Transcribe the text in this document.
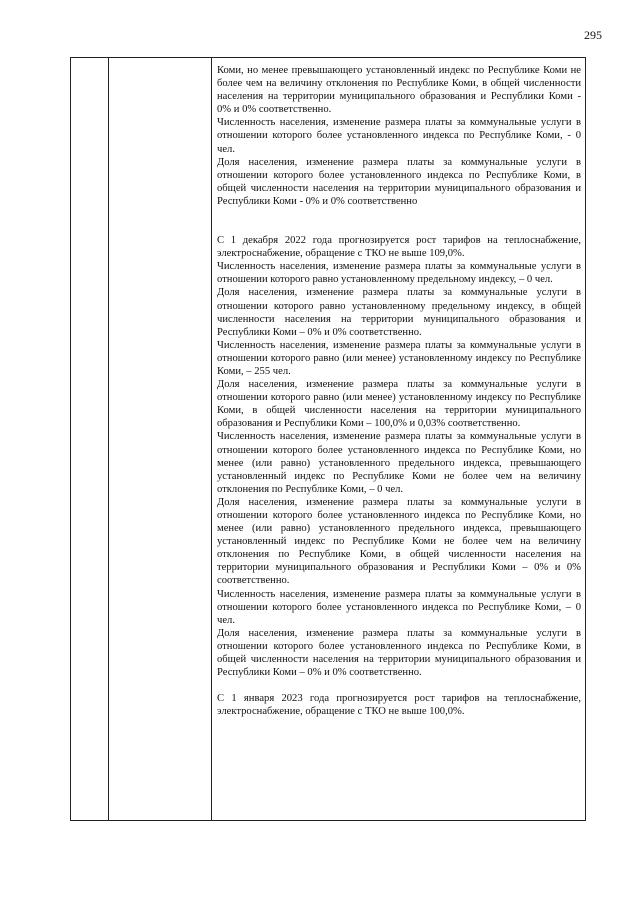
295

Коми, но менее превышающего установленный индекс по Республике Коми не более чем на величину отклонения по Республике Коми, в общей численности населения на территории муниципального образования и Республики Коми - 0% и 0% соответственно.

Численность населения, изменение размера платы за коммунальные услуги в отношении которого более установленного индекса по Республике Коми, - 0 чел.

Доля населения, изменение размера платы за коммунальные услуги в отношении которого более установленного индекса по Республике Коми, в общей численности населения на территории муниципального образования и Республики Коми - 0% и 0% соответственно

С 1 декабря 2022 года прогнозируется рост тарифов на теплоснабжение, электроснабжение, обращение с ТКО не выше 109,0%.

Численность населения, изменение размера платы за коммунальные услуги в отношении которого равно установленному предельному индексу, – 0 чел.

Доля населения, изменение размера платы за коммунальные услуги в отношении которого равно установленному предельному индексу, в общей численности населения на территории муниципального образования и Республики Коми – 0% и 0% соответственно.

Численность населения, изменение размера платы за коммунальные услуги в отношении которого равно (или менее) установленному индексу по Республике Коми, – 255 чел.

Доля населения, изменение размера платы за коммунальные услуги в отношении которого равно (или менее) установленному индексу по Республике Коми, в общей численности населения на территории муниципального образования и Республики Коми – 100,0% и 0,03% соответственно.

Численность населения, изменение размера платы за коммунальные услуги в отношении которого более установленного индекса по Республике Коми, но менее (или равно) установленного предельного индекса, превышающего установленный индекс по Республике Коми не более чем на величину отклонения по Республике Коми, – 0 чел.

Доля населения, изменение размера платы за коммунальные услуги в отношении которого более установленного индекса по Республике Коми, но менее (или равно) установленного предельного индекса, превышающего установленный индекс по Республике Коми не более чем на величину отклонения по Республике Коми, в общей численности населения на территории муниципального образования и Республики Коми – 0% и 0% соответственно.

Численность населения, изменение размера платы за коммунальные услуги в отношении которого более установленного индекса по Республике Коми, – 0 чел.

Доля населения, изменение размера платы за коммунальные услуги в отношении которого более установленного индекса по Республике Коми, в общей численности населения на территории муниципального образования и Республики Коми – 0% и 0% соответственно.

С 1 января 2023 года прогнозируется рост тарифов на теплоснабжение, электроснабжение, обращение с ТКО не выше 100,0%.
